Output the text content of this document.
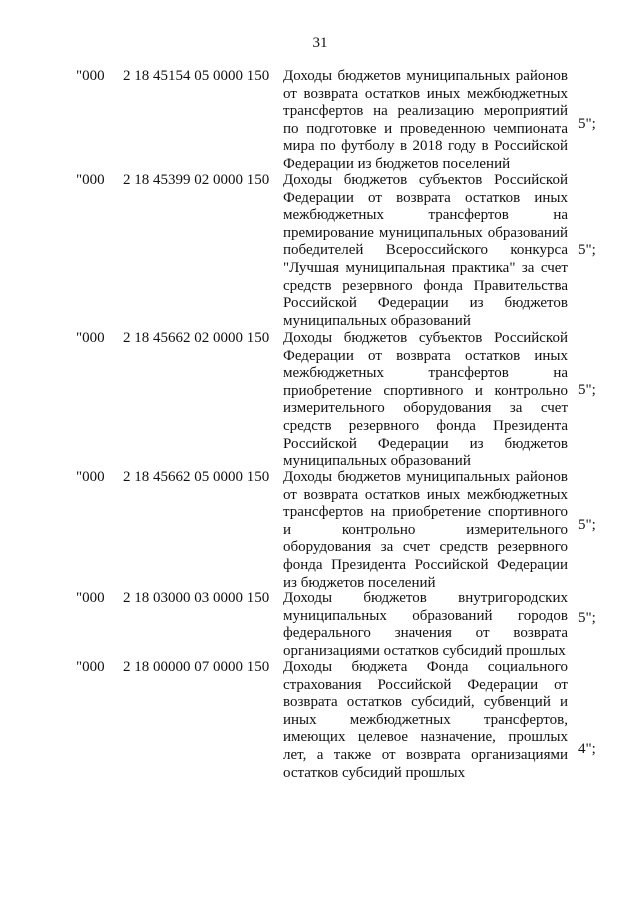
31
"000 2 18 45154 05 0000 150 Доходы бюджетов муниципальных районов
от возврата остатков иных межбюджетных
трансфертов на реализацию мероприятий
по подготовке и проведенною чемпионата
мира по футболу в 2018 году в Российской
Федерации из бюджетов поселений
5";
"000 2 18 45399 02 0000 150 Доходы бюджетов субъектов Российской
Федерации от возврата остатков иных
межбюджетных трансфертов на
премирование муниципальных образований
победителей Всероссийского конкурса
"Лучшая муниципальная практика" за счет
средств резервного фонда Правительства
Российской Федерации из бюджетов
муниципальных образований
5";
"000 2 18 45662 02 0000 150 Доходы бюджетов субъектов Российской
Федерации от возврата остатков иных
межбюджетных трансфертов на
приобретение спортивного и контрольно
измерительного оборудования за счет
средств резервного фонда Президента
Российской Федерации из бюджетов
муниципальных образований
5";
"000 2 18 45662 05 0000 150 Доходы бюджетов муниципальных районов
от возврата остатков иных межбюджетных
трансфертов на приобретение спортивного
и контрольно измерительного
оборудования за счет средств резервного
фонда Президента Российской Федерации
из бюджетов поселений
5";
"000 2 18 03000 03 0000 150 Доходы бюджетов внутригородских
муниципальных образований городов
федерального значения от возврата
организациями остатков субсидий прошлых
5";
"000 2 18 00000 07 0000 150 Доходы бюджета Фонда социального
страхования Российской Федерации от
возврата остатков субсидий, субвенций и
иных межбюджетных трансфертов,
имеющих целевое назначение, прошлых
лет, а также от возврата организациями
остатков субсидий прошлых
4";
